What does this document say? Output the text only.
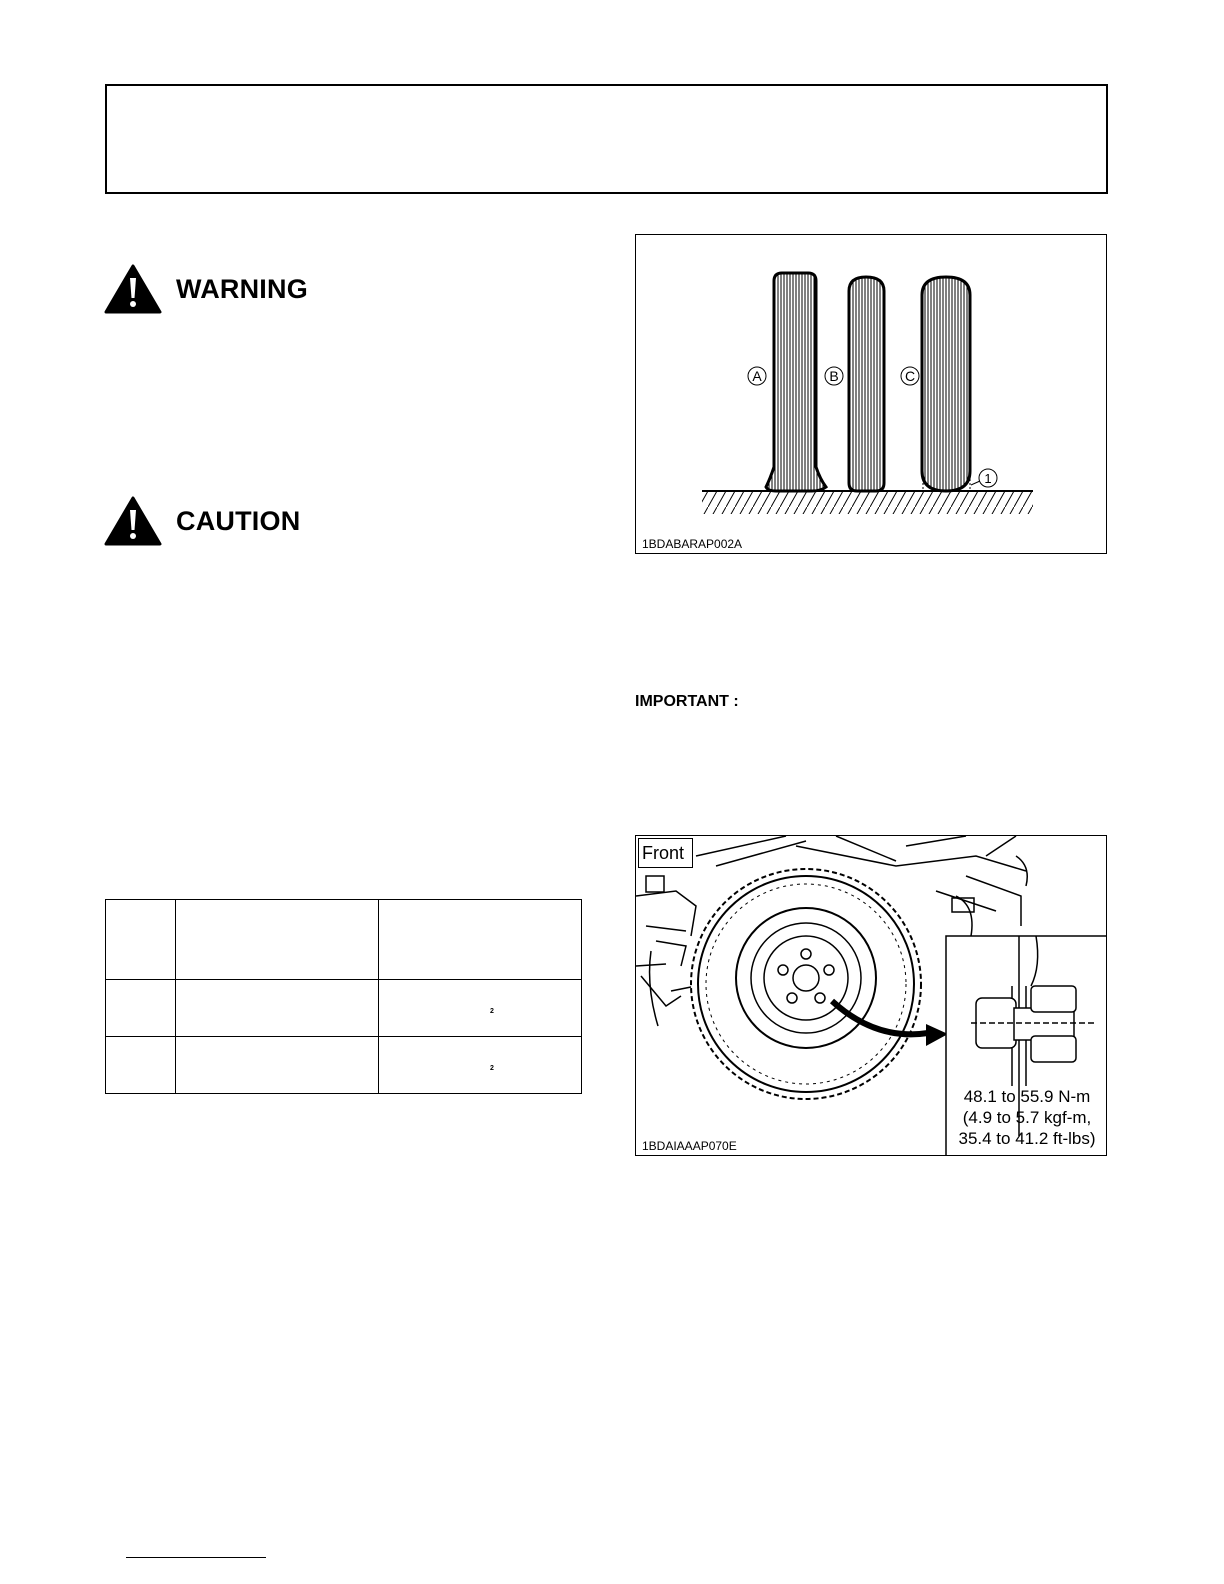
WARNING
CAUTION

		2

		2
A	B	C
1
1BDABARAP002A
IMPORTANT :
Front
48.1 to 55.9 N-m
(4.9 to 5.7 kgf-m,
35.4 to 41.2 ft-lbs)
1BDAIAAAP070E
